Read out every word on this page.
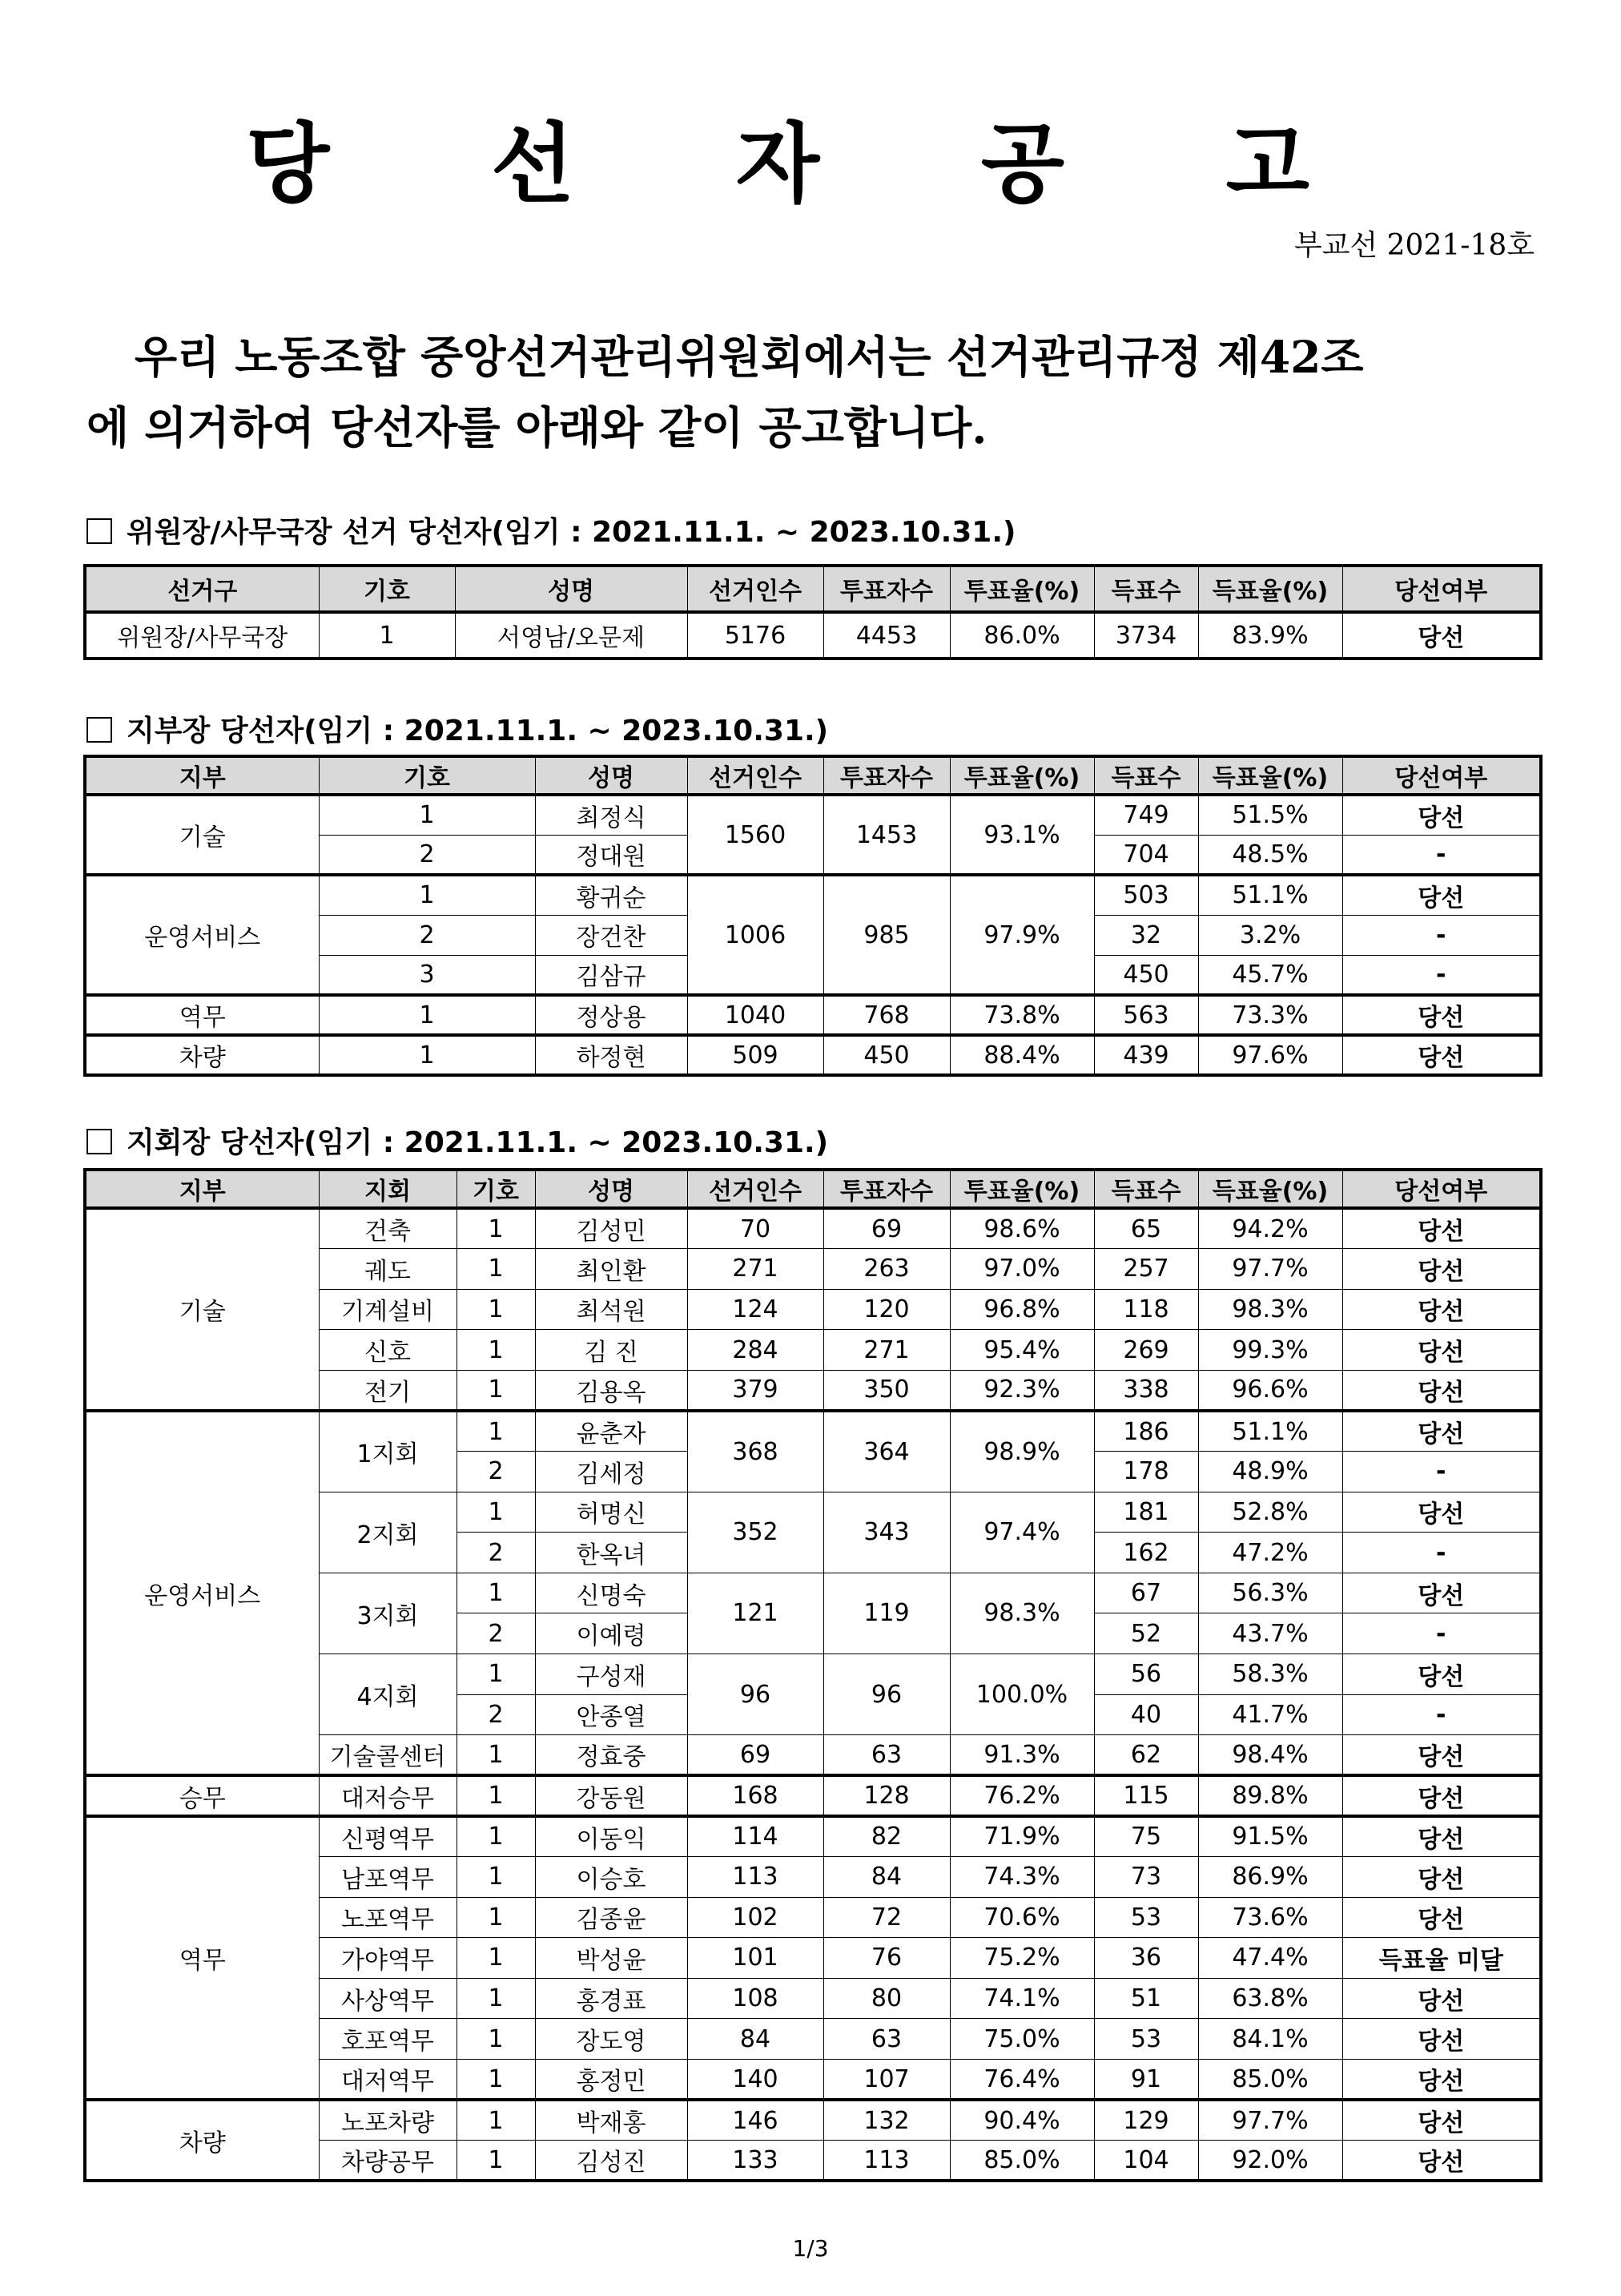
당 선 자 공 고
부교선 2021-18호
우리 노동조합 중앙선거관리위원회에서는 선거관리규정 제42조
에 의거하여 당선자를 아래와 같이 공고합니다.
위원장/사무국장 선거 당선자(임기 : 2021.11.1. ~ 2023.10.31.)
선거구	기호	성명	선거인수	투표자수	투표율(%)	득표수	득표율(%)	당선여부
위원장/사무국장	1	서영남/오문제	5176	4453	86.0%	3734	83.9%	당선
지부장 당선자(임기 : 2021.11.1. ~ 2023.10.31.)
지부	기호	성명	선거인수	투표자수	투표율(%)	득표수	득표율(%)	당선여부
기술	1	최정식	1560	1453	93.1%	749	51.5%	당선
	2	정대원				704	48.5%	-
운영서비스	1	황귀순	1006	985	97.9%	503	51.1%	당선
	2	장건찬				32	3.2%	-
	3	김삼규				450	45.7%	-
역무	1	정상용	1040	768	73.8%	563	73.3%	당선
차량	1	하정현	509	450	88.4%	439	97.6%	당선
지회장 당선자(임기 : 2021.11.1. ~ 2023.10.31.)
지부	지회	기호	성명	선거인수	투표자수	투표율(%)	득표수	득표율(%)	당선여부
기술	건축	1	김성민	70	69	98.6%	65	94.2%	당선
	궤도	1	최인환	271	263	97.0%	257	97.7%	당선
	기계설비	1	최석원	124	120	96.8%	118	98.3%	당선
	신호	1	김 진	284	271	95.4%	269	99.3%	당선
	전기	1	김용옥	379	350	92.3%	338	96.6%	당선
운영서비스	1지회	1	윤춘자	368	364	98.9%	186	51.1%	당선
		2	김세정				178	48.9%	-
	2지회	1	허명신	352	343	97.4%	181	52.8%	당선
		2	한옥녀				162	47.2%	-
	3지회	1	신명숙	121	119	98.3%	67	56.3%	당선
		2	이예령				52	43.7%	-
	4지회	1	구성재	96	96	100.0%	56	58.3%	당선
		2	안종열				40	41.7%	-
	기술콜센터	1	정효중	69	63	91.3%	62	98.4%	당선
승무	대저승무	1	강동원	168	128	76.2%	115	89.8%	당선
역무	신평역무	1	이동익	114	82	71.9%	75	91.5%	당선
	남포역무	1	이승호	113	84	74.3%	73	86.9%	당선
	노포역무	1	김종윤	102	72	70.6%	53	73.6%	당선
	가야역무	1	박성윤	101	76	75.2%	36	47.4%	득표율 미달
	사상역무	1	홍경표	108	80	74.1%	51	63.8%	당선
	호포역무	1	장도영	84	63	75.0%	53	84.1%	당선
	대저역무	1	홍정민	140	107	76.4%	91	85.0%	당선
차량	노포차량	1	박재홍	146	132	90.4%	129	97.7%	당선
	차량공무	1	김성진	133	113	85.0%	104	92.0%	당선
1/3
